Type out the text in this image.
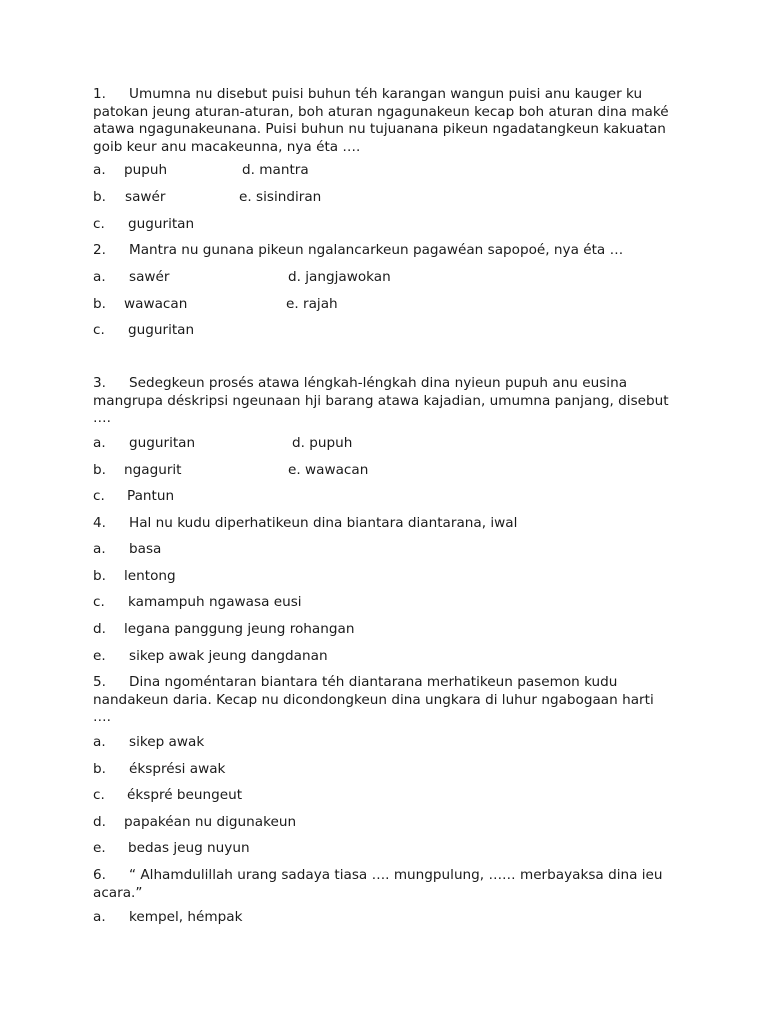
1. Umumna nu disebut puisi buhun téh karangan wangun puisi anu kauger ku patokan jeung aturan-aturan, boh aturan ngagunakeun kecap boh aturan dina maké atawa ngagunakeunana. Puisi buhun nu tujuanana pikeun ngadatangkeun kakuatan goib keur anu macakeunna, nya éta ….

a. pupuh	d. mantra
b. sawér	e. sisindiran
c. guguritan

2. Mantra nu gunana pikeun ngalancarkeun pagawéan sapopoé, nya éta …

a. sawér	d. jangjawokan
b. wawacan	e. rajah
c. guguritan

3. Sedegkeun prosés atawa léngkah-léngkah dina nyieun pupuh anu eusina mangrupa déskripsi ngeunaan hji barang atawa kajadian, umumna panjang, disebut ….

a. guguritan	d. pupuh
b. ngagurit	e. wawacan
c. Pantun

4. Hal nu kudu diperhatikeun dina biantara diantarana, iwal

a. basa
b. lentong
c. kamampuh ngawasa eusi
d. legana panggung jeung rohangan
e. sikep awak jeung dangdanan

5. Dina ngoméntaran biantara téh diantarana merhatikeun pasemon kudu nandakeun daria. Kecap nu dicondongkeun dina ungkara di luhur ngabogaan harti ….

a. sikep awak
b. éksprési awak
c. ékspré beungeut
d. papakéan nu digunakeun
e. bedas jeug nuyun

6. “ Alhamdulillah urang sadaya tiasa …. mungpulung, …… merbayaksa dina ieu acara.”

a. kempel, hémpak
